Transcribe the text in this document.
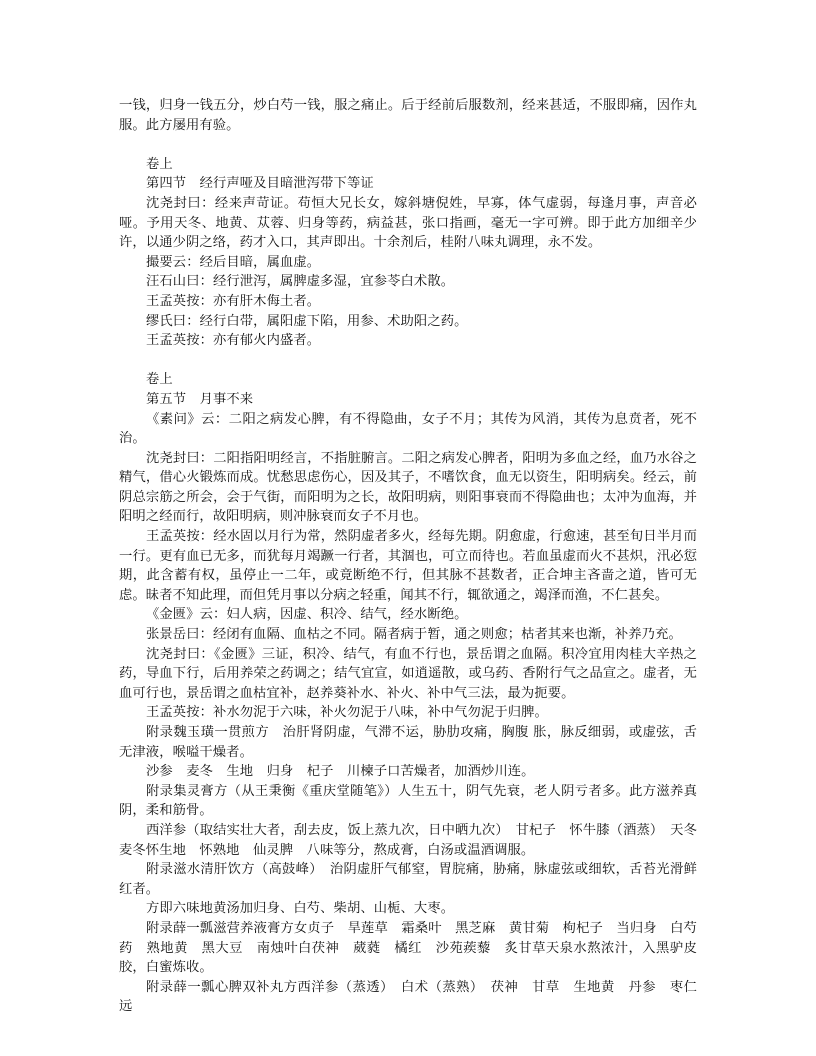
一钱，归身一钱五分，炒白芍一钱，服之痛止。后于经前后服数剂，经来甚适，不服即痛，因作丸服。此方屡用有验。

卷上

第四节　经行声哑及目暗泄泻带下等证

沈尧封曰：经来声苛证。苟恒大兄长女，嫁斜塘倪姓，早寡，体气虚弱，每逢月事，声音必哑。予用天冬、地黄、苁蓉、归身等药，病益甚，张口指画，毫无一字可辨。即于此方加细辛少许，以通少阴之络，药才入口，其声即出。十余剂后，桂附八味丸调理，永不发。

撮要云：经后目暗，属血虚。

汪石山曰：经行泄泻，属脾虚多湿，宜参苓白术散。

王孟英按：亦有肝木侮土者。

缪氏曰：经行白带，属阳虚下陷，用参、术助阳之药。

王孟英按：亦有郁火内盛者。

卷上

第五节　月事不来

《素问》云：二阳之病发心脾，有不得隐曲，女子不月；其传为风消，其传为息贲者，死不治。

沈尧封曰：二阳指阳明经言，不指脏腑言。二阳之病发心脾者，阳明为多血之经，血乃水谷之精气，借心火锻炼而成。忧愁思虑伤心，因及其子，不嗜饮食，血无以资生，阳明病矣。经云，前阴总宗筋之所会，会于气街，而阳明为之长，故阳明病，则阳事衰而不得隐曲也；太冲为血海，并阳明之经而行，故阳明病，则冲脉衰而女子不月也。

王孟英按：经水固以月行为常，然阴虚者多火，经每先期。阴愈虚，行愈速，甚至旬日半月而一行。更有血已无多，而犹每月竭蹶一行者，其涸也，可立而待也。若血虽虚而火不甚炽，汛必愆期，此含蓄有权，虽停止一二年，或竟断绝不行，但其脉不甚数者，正合坤主吝啬之道，皆可无虑。昧者不知此理，而但凭月事以分病之轻重，闻其不行，辄欲通之，竭泽而渔，不仁甚矣。

《金匮》云：妇人病，因虚、积冷、结气，经水断绝。

张景岳曰：经闭有血隔、血枯之不同。隔者病于暂，通之则愈；枯者其来也渐，补养乃充。

沈尧封曰：《金匮》三证，积冷、结气，有血不行也，景岳谓之血隔。积冷宜用肉桂大辛热之药，导血下行，后用养荣之药调之；结气宜宣，如逍遥散，或乌药、香附行气之品宣之。虚者，无血可行也，景岳谓之血枯宜补，赵养葵补水、补火、补中气三法，最为扼要。

王孟英按：补水勿泥于六味，补火勿泥于八味，补中气勿泥于归脾。

附录魏玉璜一贯煎方　治肝肾阴虚，气滞不运，胁肋攻痛，胸腹 胀，脉反细弱，或虚弦，舌无津液，喉嗌干燥者。

沙参　麦冬　生地　归身　杞子　川楝子口苦燥者，加酒炒川连。

附录集灵膏方（从王秉衡《重庆堂随笔》）人生五十，阴气先衰，老人阴亏者多。此方滋养真阴，柔和筋骨。

西洋参（取结实壮大者，刮去皮，饭上蒸九次，日中晒九次）　甘杞子　怀牛膝（酒蒸）　天冬　麦冬怀生地　怀熟地　仙灵脾　八味等分，熬成膏，白汤或温酒调服。

附录滋水清肝饮方（高鼓峰）　治阴虚肝气郁窒，胃脘痛，胁痛，脉虚弦或细软，舌苔光滑鲜红者。

方即六味地黄汤加归身、白芍、柴胡、山栀、大枣。

附录薛一瓢滋营养液膏方女贞子　旱莲草　霜桑叶　黑芝麻　黄甘菊　枸杞子　当归身　白芍药　熟地黄　黑大豆　南烛叶白茯神　葳蕤　橘红　沙苑蒺藜　炙甘草天泉水熬浓汁，入黑驴皮胶，白蜜炼收。

附录薛一瓢心脾双补丸方西洋参（蒸透）　白术（蒸熟）　茯神　甘草　生地黄　丹参　枣仁　远
